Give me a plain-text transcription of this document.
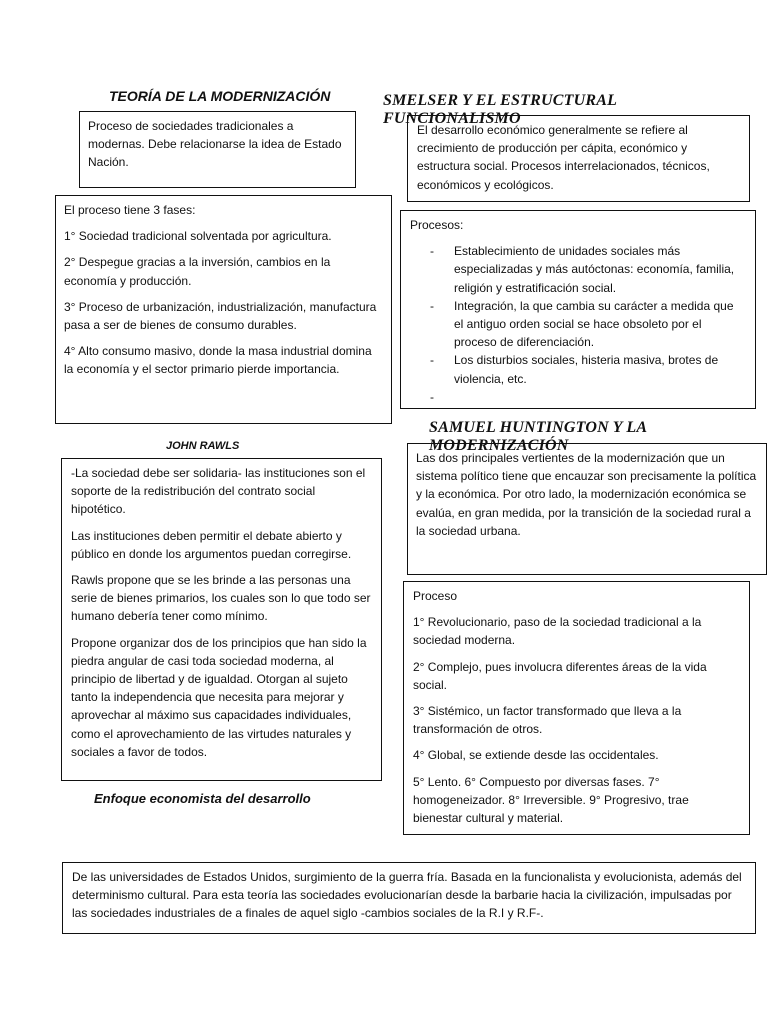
TEORÍA DE LA MODERNIZACIÓN

Proceso de sociedades tradicionales a modernas. Debe relacionarse la idea de Estado Nación.

El proceso tiene 3 fases:

1° Sociedad tradicional solventada por agricultura.

2° Despegue gracias a la inversión, cambios en la economía y producción.

3° Proceso de urbanización, industrialización, manufactura pasa a ser de bienes de consumo durables.

4° Alto consumo masivo, donde la masa industrial domina la economía y el sector primario pierde importancia.

El desarrollo económico generalmente se refiere al crecimiento de producción per cápita, económico y estructura social. Procesos interrelacionados, técnicos, económicos y ecológicos.

SMELSER Y EL ESTRUCTURAL
FUNCIONALISMO

Procesos:

- Establecimiento de unidades sociales más especializadas y más autóctonas: economía, familia, religión y estratificación social.
- Integración, la que cambia su carácter a medida que el antiguo orden social se hace obsoleto por el proceso de diferenciación.
- Los disturbios sociales, histeria masiva, brotes de violencia, etc.
-
JOHN RAWLS

-La sociedad debe ser solidaria- las instituciones son el soporte de la redistribución del contrato social hipotético.

Las instituciones deben permitir el debate abierto y público en donde los argumentos puedan corregirse.

Rawls propone que se les brinde a las personas una serie de bienes primarios, los cuales son lo que todo ser humano debería tener como mínimo.

Propone organizar dos de los principios que han sido la piedra angular de casi toda sociedad moderna, al principio de libertad y de igualdad. Otorgan al sujeto tanto la independencia que necesita para mejorar y aprovechar al máximo sus capacidades individuales, como el aprovechamiento de las virtudes naturales y sociales a favor de todos.

Las dos principales vertientes de la modernización que un sistema político tiene que encauzar son precisamente la política y la económica. Por otro lado, la modernización económica se evalúa, en gran medida, por la transición de la sociedad rural a la sociedad urbana.

SAMUEL HUNTINGTON Y LA
MODERNIZACIÓN

Proceso

1° Revolucionario, paso de la sociedad tradicional a la sociedad moderna.

2° Complejo, pues involucra diferentes áreas de la vida social.

3° Sistémico, un factor transformado que lleva a la transformación de otros.

4° Global, se extiende desde las occidentales.

5° Lento. 6° Compuesto por diversas fases. 7° homogeneizador. 8° Irreversible. 9° Progresivo, trae bienestar cultural y material.

Enfoque economista del desarrollo

De las universidades de Estados Unidos, surgimiento de la guerra fría. Basada en la funcionalista y evolucionista, además del determinismo cultural. Para esta teoría las sociedades evolucionarían desde la barbarie hacia la civilización, impulsadas por las sociedades industriales de a finales de aquel siglo -cambios sociales de la R.I y R.F-.
